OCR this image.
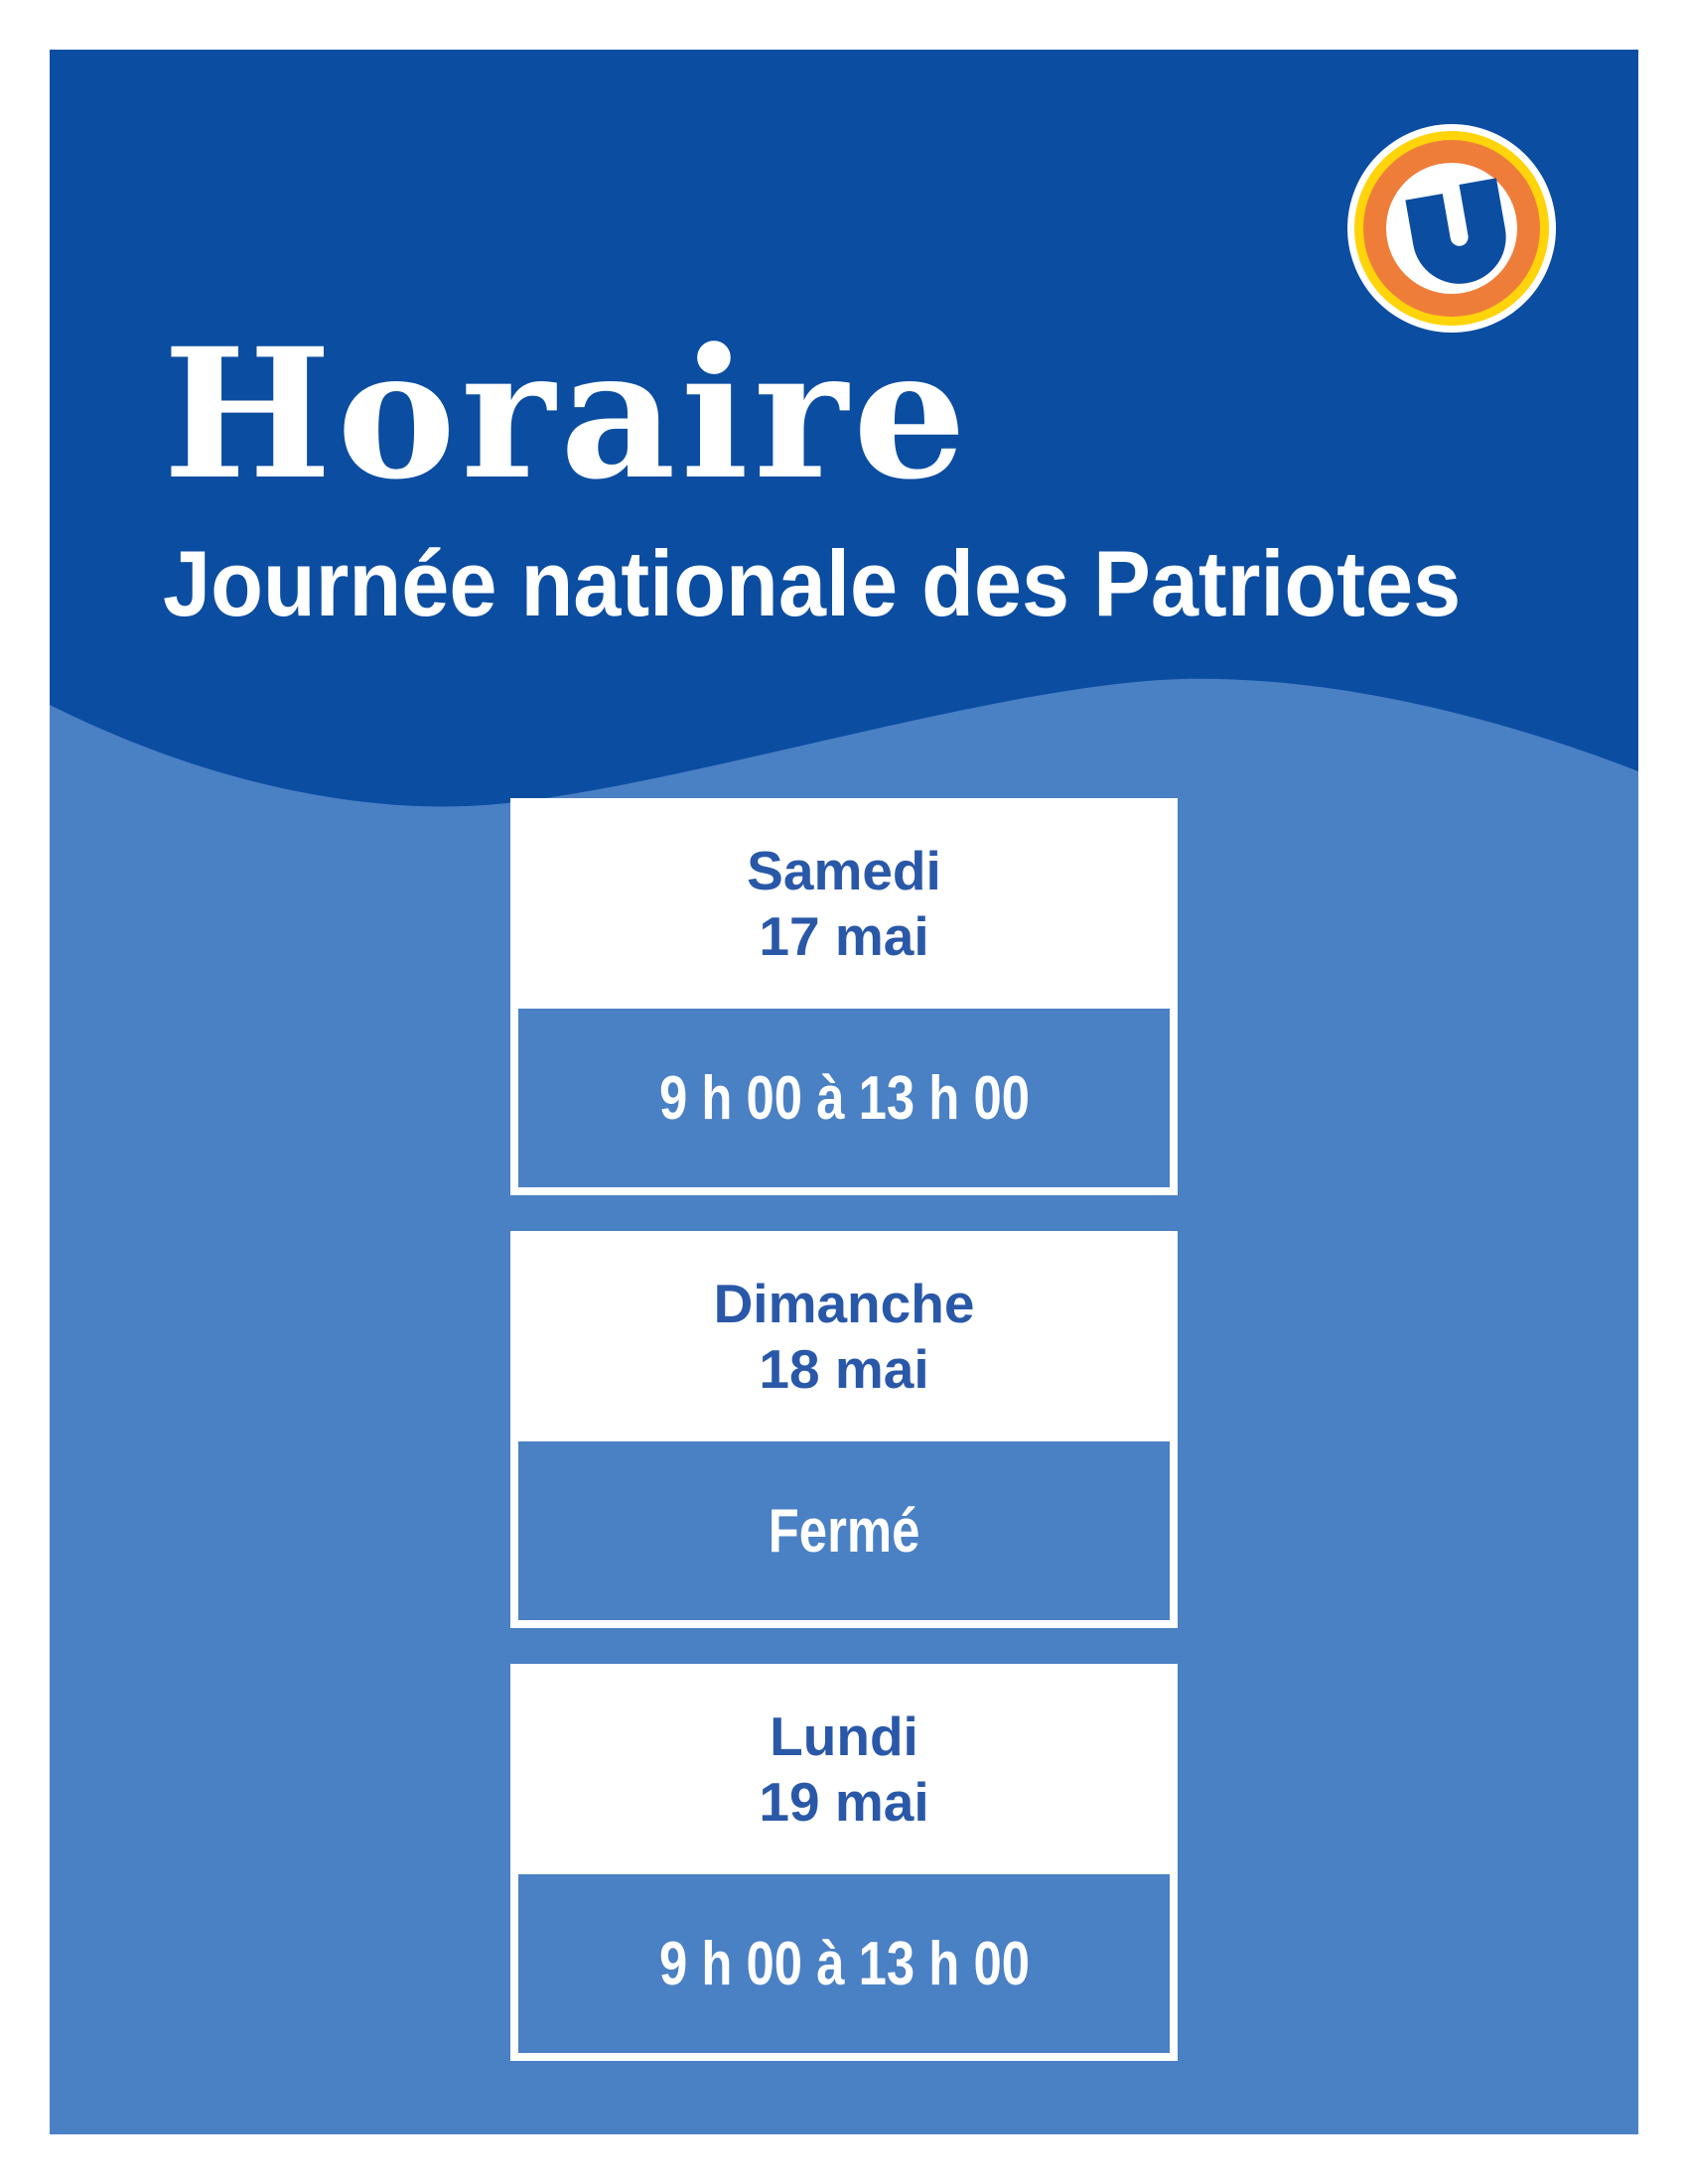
Horaire
Journée nationale des Patriotes
Samedi
17 mai
9 h 00 à 13 h 00
Dimanche
18 mai
Fermé
Lundi
19 mai
9 h 00 à 13 h 00
